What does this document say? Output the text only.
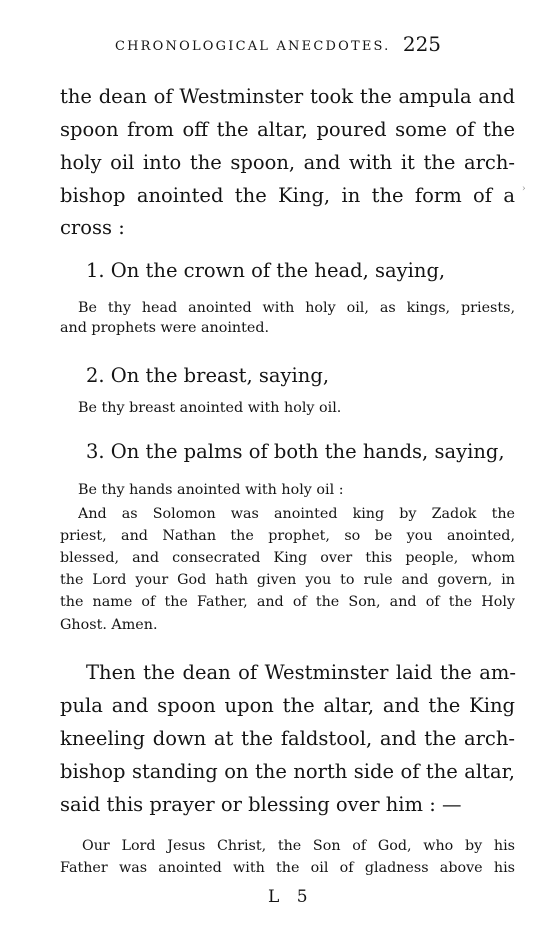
CHRONOLOGICAL ANECDOTES. 225
the dean of Westminster took the ampula and
spoon from off the altar, poured some of the
holy oil into the spoon, and with it the arch-
bishop anointed the King, in the form of a
cross :
›
1. On the crown of the head, saying,
Be thy head anointed with holy oil, as kings, priests,
and prophets were anointed.
2. On the breast, saying,
Be thy breast anointed with holy oil.
3. On the palms of both the hands, saying,
Be thy hands anointed with holy oil :
And as Solomon was anointed king by Zadok the
priest, and Nathan the prophet, so be you anointed,
blessed, and consecrated King over this people, whom
the Lord your God hath given you to rule and govern, in
the name of the Father, and of the Son, and of the Holy
Ghost. Amen.
Then the dean of Westminster laid the am-
pula and spoon upon the altar, and the King
kneeling down at the faldstool, and the arch-
bishop standing on the north side of the altar,
said this prayer or blessing over him : —
Our Lord Jesus Christ, the Son of God, who by his
Father was anointed with the oil of gladness above his
L 5
